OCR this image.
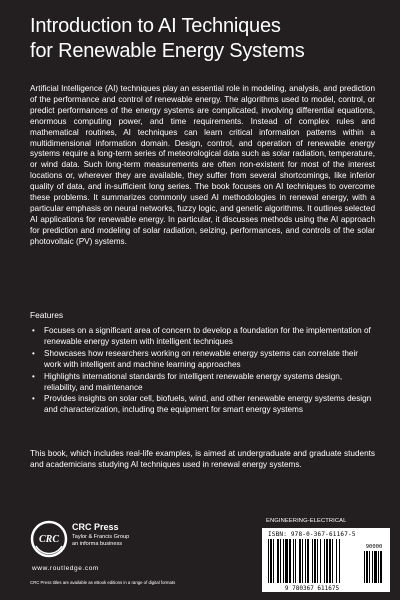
Introduction to AI Techniques
for Renewable Energy Systems

Artificial Intelligence (AI) techniques play an essential role in modeling, analysis, and prediction of the performance and control of renewable energy. The algorithms used to model, control, or predict performances of the energy systems are complicated, involving differential equations, enormous computing power, and time requirements. Instead of complex rules and mathematical routines, AI techniques can learn critical information patterns within a multidimensional information domain. Design, control, and operation of renewable energy systems require a long-term series of meteorological data such as solar radiation, temperature, or wind data. Such long-term measurements are often non-existent for most of the interest locations or, wherever they are available, they suffer from several shortcomings, like inferior quality of data, and in-sufficient long series. The book focuses on AI techniques to overcome these problems. It summarizes commonly used AI methodologies in renewal energy, with a particular emphasis on neural networks, fuzzy logic, and genetic algorithms. It outlines selected AI applications for renewable energy. In particular, it discusses methods using the AI approach for prediction and modeling of solar radiation, seizing, performances, and controls of the solar photovoltaic (PV) systems.

Features
• Focuses on a significant area of concern to develop a foundation for the implementation of renewable energy system with intelligent techniques
• Showcases how researchers working on renewable energy systems can correlate their work with intelligent and machine learning approaches
• Highlights international standards for intelligent renewable energy systems design, reliability, and maintenance
• Provides insights on solar cell, biofuels, wind, and other renewable energy systems design and characterization, including the equipment for smart energy systems

This book, which includes real-life examples, is aimed at undergraduate and graduate students and academicians studying AI techniques used in renewal energy systems.

CRC
CRC Press
Taylor & Francis Group
an informa business
www.routledge.com
CRC Press titles are available as eBook editions in a range of digital formats
ENGINEERING-ELECTRICAL
ISBN: 978-0-367-61167-5
90000
9 780367 611675
